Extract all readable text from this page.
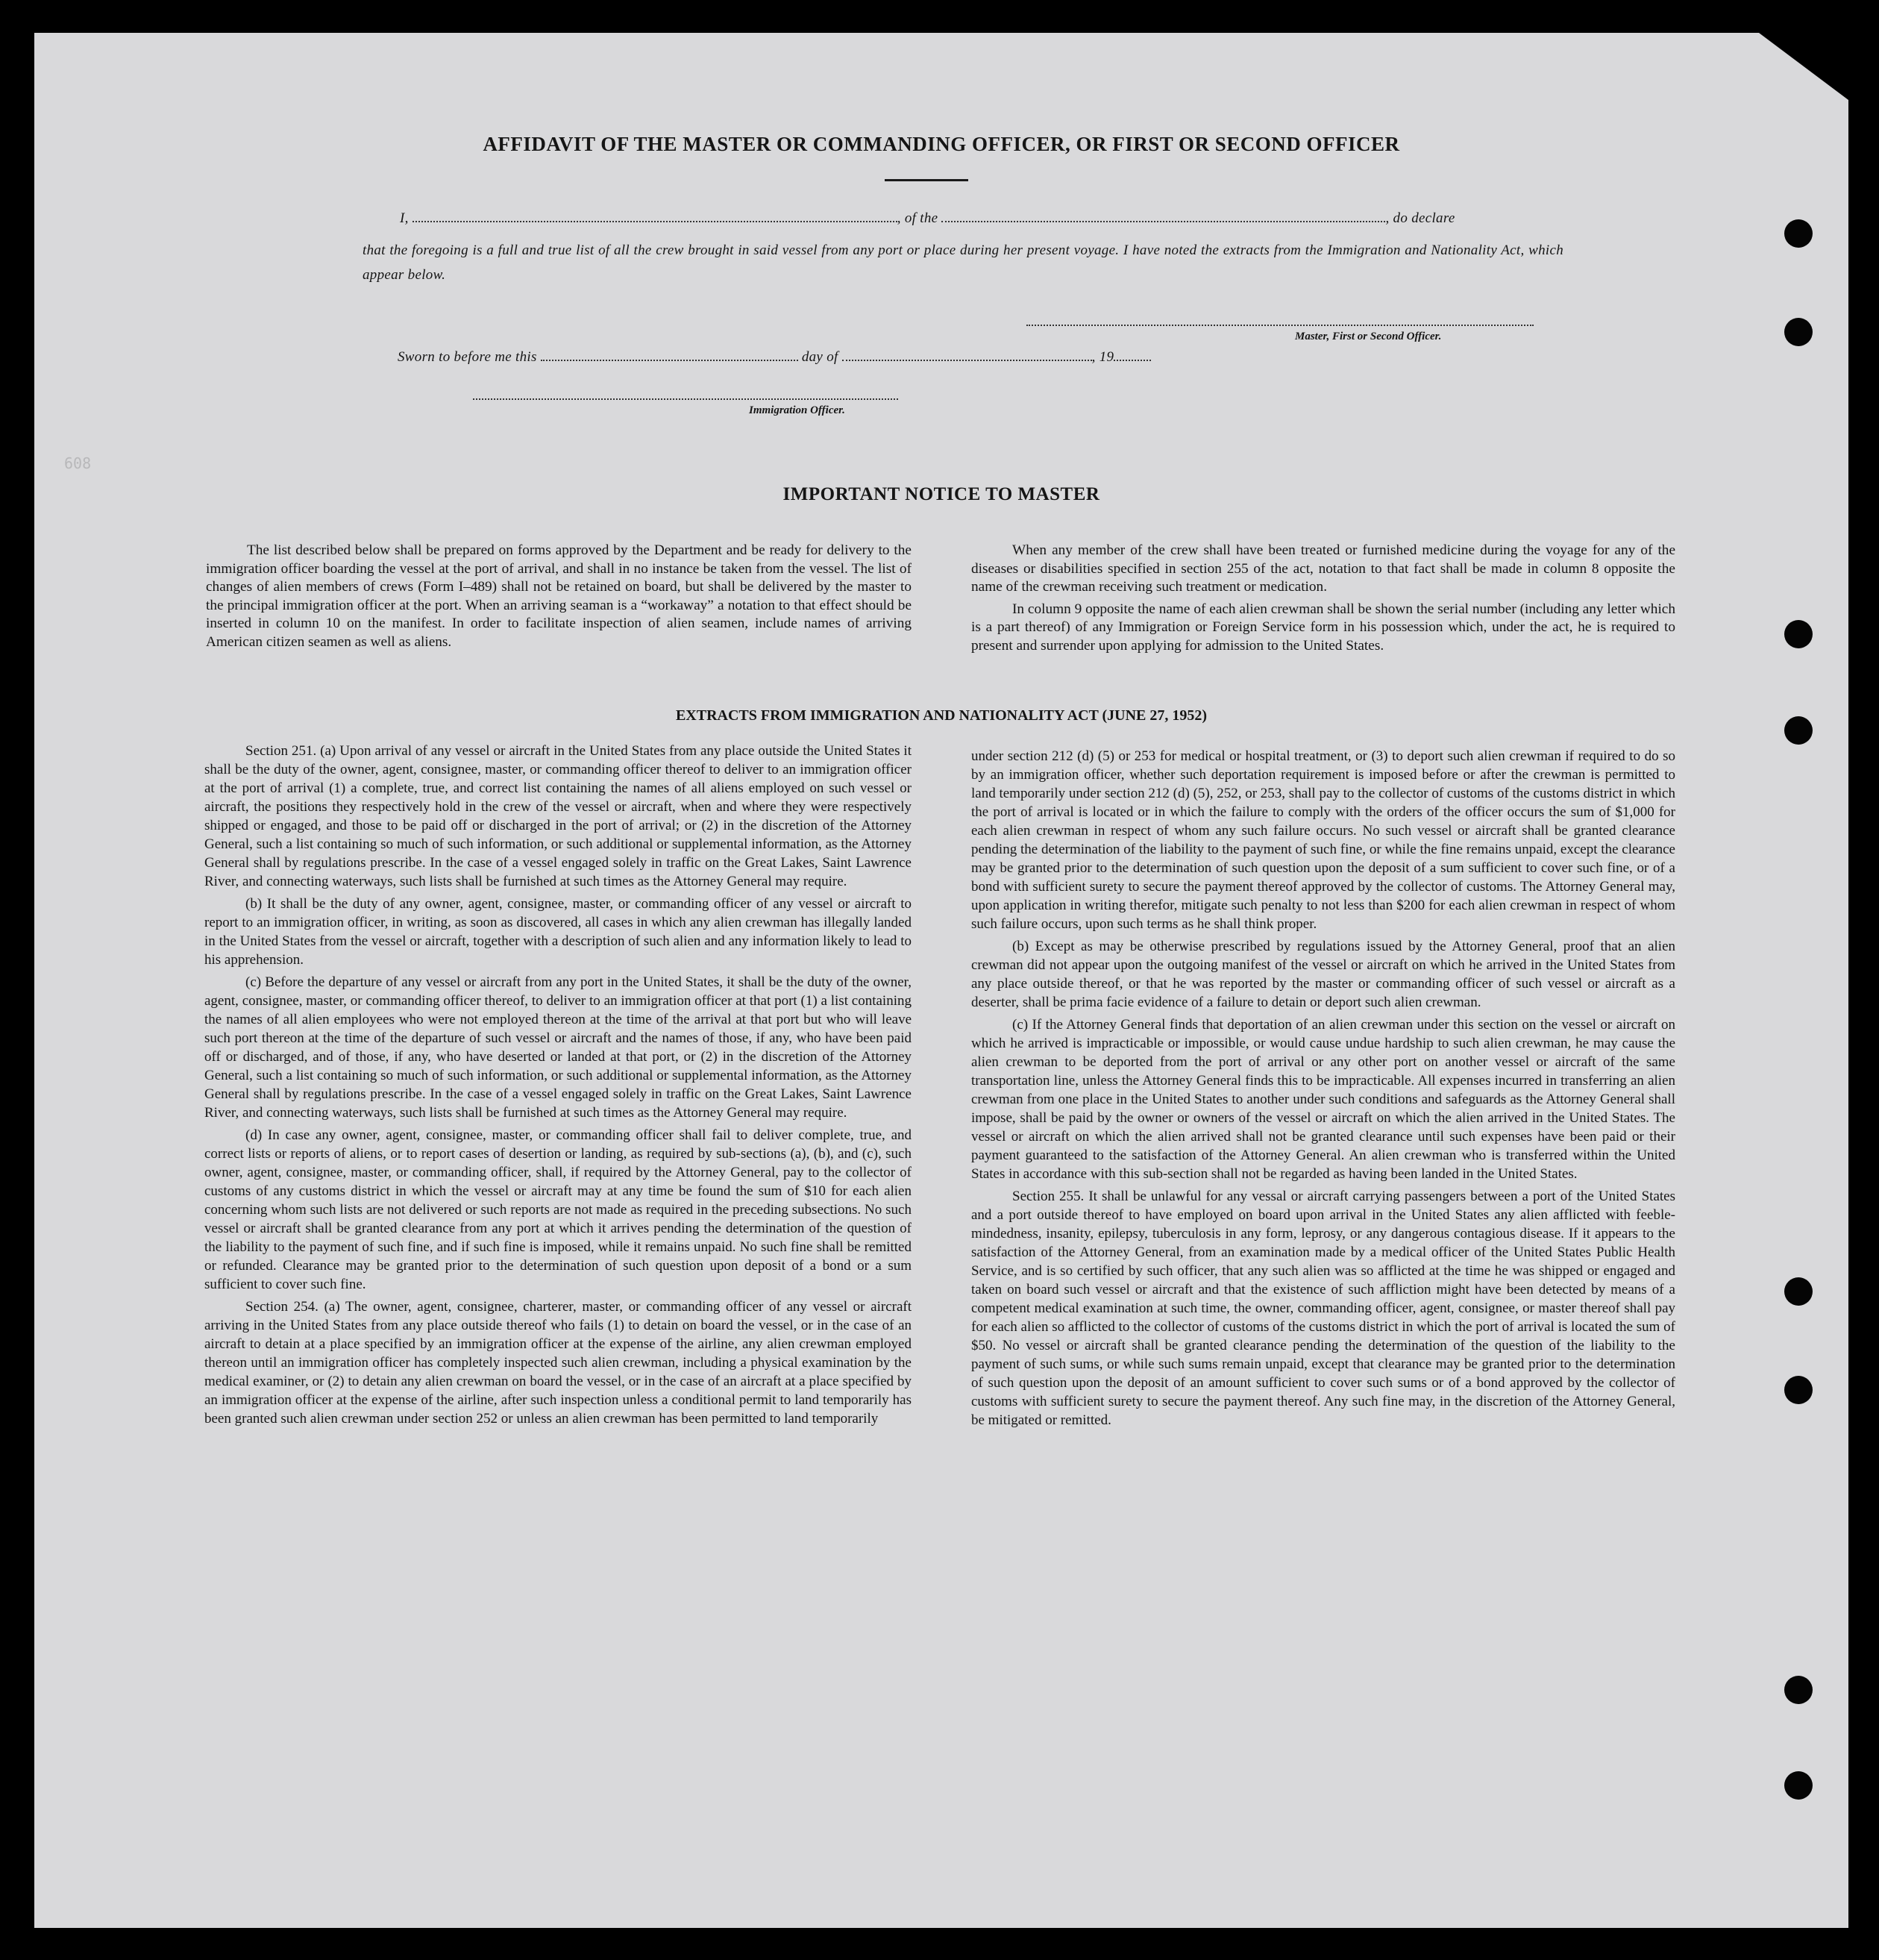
AFFIDAVIT OF THE MASTER OR COMMANDING OFFICER, OR FIRST OR SECOND OFFICER
I,	, of the	, do declare
that the foregoing is a full and true list of all the crew brought in said vessel from any port or place during her present voyage. I have noted the extracts from the Immigration and Nationality Act, which appear below.
Master, First or Second Officer.
Sworn to before me this	day of	, 19
Immigration Officer.
608
IMPORTANT NOTICE TO MASTER

The list described below shall be prepared on forms approved by the Department and be ready for delivery to the immigration officer boarding the vessel at the port of arrival, and shall in no instance be taken from the vessel. The list of changes of alien members of crews (Form I–489) shall not be retained on board, but shall be delivered by the master to the principal immigration officer at the port. When an arriving seaman is a “workaway” a notation to that effect should be inserted in column 10 on the manifest. In order to facilitate inspection of alien seamen, include names of arriving American citizen seamen as well as aliens.

When any member of the crew shall have been treated or furnished medicine during the voyage for any of the diseases or disabilities specified in section 255 of the act, notation to that fact shall be made in column 8 opposite the name of the crewman receiving such treatment or medication.

In column 9 opposite the name of each alien crewman shall be shown the serial number (including any letter which is a part thereof) of any Immigration or Foreign Service form in his possession which, under the act, he is required to present and surrender upon applying for admission to the United States.

EXTRACTS FROM IMMIGRATION AND NATIONALITY ACT (JUNE 27, 1952)

Section 251. (a) Upon arrival of any vessel or aircraft in the United States from any place outside the United States it shall be the duty of the owner, agent, consignee, master, or commanding officer thereof to deliver to an immigration officer at the port of arrival (1) a complete, true, and correct list containing the names of all aliens employed on such vessel or aircraft, the positions they respectively hold in the crew of the vessel or aircraft, when and where they were respectively shipped or engaged, and those to be paid off or discharged in the port of arrival; or (2) in the discretion of the Attorney General, such a list containing so much of such information, or such additional or supplemental information, as the Attorney General shall by regulations prescribe. In the case of a vessel engaged solely in traffic on the Great Lakes, Saint Lawrence River, and connecting waterways, such lists shall be furnished at such times as the Attorney General may require.

(b) It shall be the duty of any owner, agent, consignee, master, or commanding officer of any vessel or aircraft to report to an immigration officer, in writing, as soon as discovered, all cases in which any alien crewman has illegally landed in the United States from the vessel or aircraft, together with a description of such alien and any information likely to lead to his apprehension.

(c) Before the departure of any vessel or aircraft from any port in the United States, it shall be the duty of the owner, agent, consignee, master, or commanding officer thereof, to deliver to an immigration officer at that port (1) a list containing the names of all alien employees who were not employed thereon at the time of the arrival at that port but who will leave such port thereon at the time of the departure of such vessel or aircraft and the names of those, if any, who have been paid off or discharged, and of those, if any, who have deserted or landed at that port, or (2) in the discretion of the Attorney General, such a list containing so much of such information, or such additional or supplemental information, as the Attorney General shall by regulations prescribe. In the case of a vessel engaged solely in traffic on the Great Lakes, Saint Lawrence River, and connecting waterways, such lists shall be furnished at such times as the Attorney General may require.

(d) In case any owner, agent, consignee, master, or commanding officer shall fail to deliver complete, true, and correct lists or reports of aliens, or to report cases of desertion or landing, as required by sub-sections (a), (b), and (c), such owner, agent, consignee, master, or commanding officer, shall, if required by the Attorney General, pay to the collector of customs of any customs district in which the vessel or aircraft may at any time be found the sum of $10 for each alien concerning whom such lists are not delivered or such reports are not made as required in the preceding subsections. No such vessel or aircraft shall be granted clearance from any port at which it arrives pending the determination of the question of the liability to the payment of such fine, and if such fine is imposed, while it remains unpaid. No such fine shall be remitted or refunded. Clearance may be granted prior to the determination of such question upon deposit of a bond or a sum sufficient to cover such fine.

Section 254. (a) The owner, agent, consignee, charterer, master, or commanding officer of any vessel or aircraft arriving in the United States from any place outside thereof who fails (1) to detain on board the vessel, or in the case of an aircraft to detain at a place specified by an immigration officer at the expense of the airline, any alien crewman employed thereon until an immigration officer has completely inspected such alien crewman, including a physical examination by the medical examiner, or (2) to detain any alien crewman on board the vessel, or in the case of an aircraft at a place specified by an immigration officer at the expense of the airline, after such inspection unless a conditional permit to land temporarily has been granted such alien crewman under section 252 or unless an alien crewman has been permitted to land temporarily

under section 212 (d) (5) or 253 for medical or hospital treatment, or (3) to deport such alien crewman if required to do so by an immigration officer, whether such deportation requirement is imposed before or after the crewman is permitted to land temporarily under section 212 (d) (5), 252, or 253, shall pay to the collector of customs of the customs district in which the port of arrival is located or in which the failure to comply with the orders of the officer occurs the sum of $1,000 for each alien crewman in respect of whom any such failure occurs. No such vessel or aircraft shall be granted clearance pending the determination of the liability to the payment of such fine, or while the fine remains unpaid, except the clearance may be granted prior to the determination of such question upon the deposit of a sum sufficient to cover such fine, or of a bond with sufficient surety to secure the payment thereof approved by the collector of customs. The Attorney General may, upon application in writing therefor, mitigate such penalty to not less than $200 for each alien crewman in respect of whom such failure occurs, upon such terms as he shall think proper.

(b) Except as may be otherwise prescribed by regulations issued by the Attorney General, proof that an alien crewman did not appear upon the outgoing manifest of the vessel or aircraft on which he arrived in the United States from any place outside thereof, or that he was reported by the master or commanding officer of such vessel or aircraft as a deserter, shall be prima facie evidence of a failure to detain or deport such alien crewman.

(c) If the Attorney General finds that deportation of an alien crewman under this section on the vessel or aircraft on which he arrived is impracticable or impossible, or would cause undue hardship to such alien crewman, he may cause the alien crewman to be deported from the port of arrival or any other port on another vessel or aircraft of the same transportation line, unless the Attorney General finds this to be impracticable. All expenses incurred in transferring an alien crewman from one place in the United States to another under such conditions and safeguards as the Attorney General shall impose, shall be paid by the owner or owners of the vessel or aircraft on which the alien arrived in the United States. The vessel or aircraft on which the alien arrived shall not be granted clearance until such expenses have been paid or their payment guaranteed to the satisfaction of the Attorney General. An alien crewman who is transferred within the United States in accordance with this sub-section shall not be regarded as having been landed in the United States.

Section 255. It shall be unlawful for any vessal or aircraft carrying passengers between a port of the United States and a port outside thereof to have employed on board upon arrival in the United States any alien afflicted with feeble-mindedness, insanity, epilepsy, tuberculosis in any form, leprosy, or any dangerous contagious disease. If it appears to the satisfaction of the Attorney General, from an examination made by a medical officer of the United States Public Health Service, and is so certified by such officer, that any such alien was so afflicted at the time he was shipped or engaged and taken on board such vessel or aircraft and that the existence of such affliction might have been detected by means of a competent medical examination at such time, the owner, commanding officer, agent, consignee, or master thereof shall pay for each alien so afflicted to the collector of customs of the customs district in which the port of arrival is located the sum of $50. No vessel or aircraft shall be granted clearance pending the determination of the question of the liability to the payment of such sums, or while such sums remain unpaid, except that clearance may be granted prior to the determination of such question upon the deposit of an amount sufficient to cover such sums or of a bond approved by the collector of customs with sufficient surety to secure the payment thereof. Any such fine may, in the discretion of the Attorney General, be mitigated or remitted.
